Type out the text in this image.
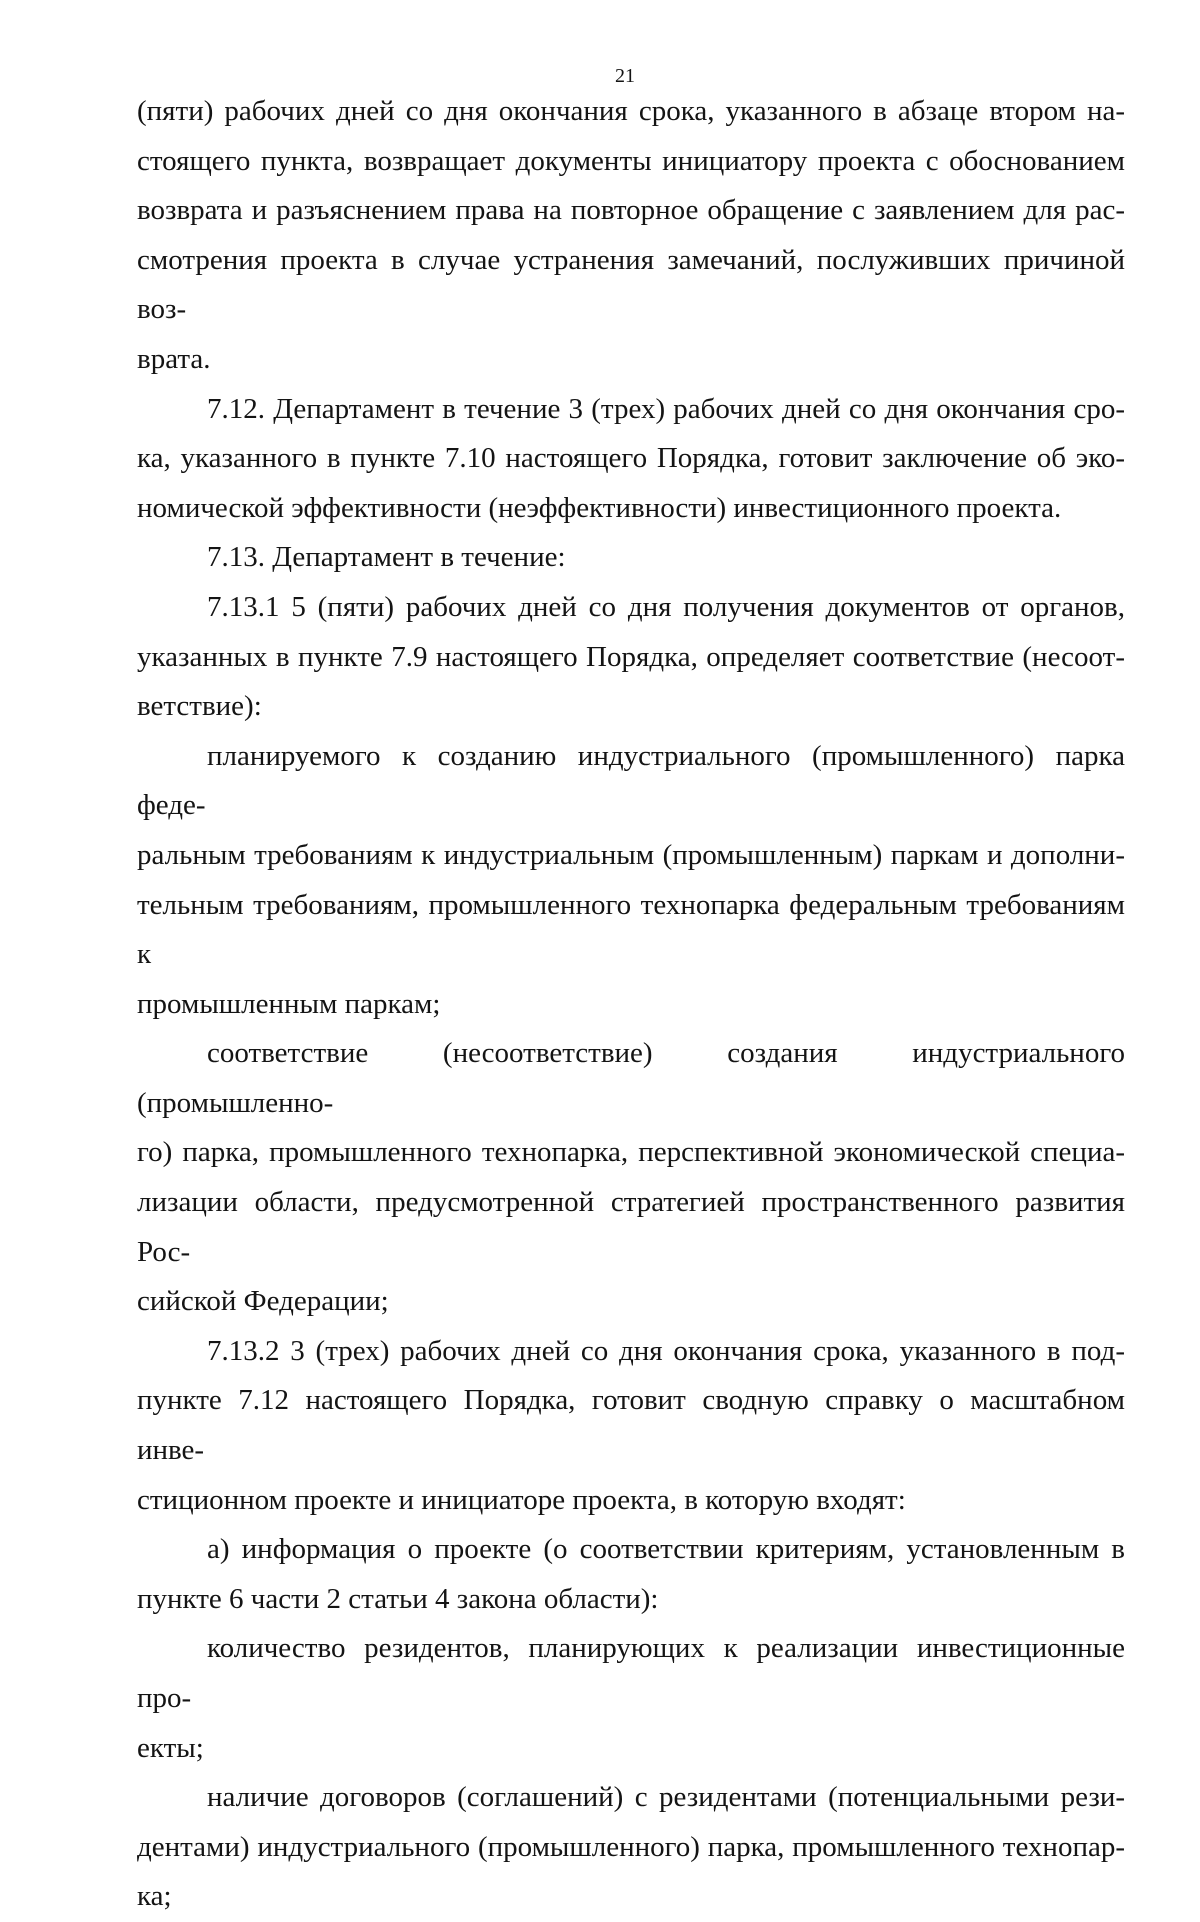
21
(пяти) рабочих дней со дня окончания срока, указанного в абзаце втором на-
стоящего пункта, возвращает документы инициатору проекта с обоснованием
возврата и разъяснением права на повторное обращение с заявлением для рас-
смотрения проекта в случае устранения замечаний, послуживших причиной воз-
врата.
7.12. Департамент в течение 3 (трех) рабочих дней со дня окончания сро-
ка, указанного в пункте 7.10 настоящего Порядка, готовит заключение об эко-
номической эффективности (неэффективности) инвестиционного проекта.
7.13. Департамент в течение:
7.13.1 5 (пяти) рабочих дней со дня получения документов от органов,
указанных в пункте 7.9 настоящего Порядка, определяет соответствие (несоот-
ветствие):
планируемого к созданию индустриального (промышленного) парка феде-
ральным требованиям к индустриальным (промышленным) паркам и дополни-
тельным требованиям, промышленного технопарка федеральным требованиям к
промышленным паркам;
соответствие (несоответствие) создания индустриального (промышленно-
го) парка, промышленного технопарка, перспективной экономической специа-
лизации области, предусмотренной стратегией пространственного развития Рос-
сийской Федерации;
7.13.2 3 (трех) рабочих дней со дня окончания срока, указанного в под-
пункте 7.12 настоящего Порядка, готовит сводную справку о масштабном инве-
стиционном проекте и инициаторе проекта, в которую входят:
а) информация о проекте (о соответствии критериям, установленным в
пункте 6 части 2 статьи 4 закона области):
количество резидентов, планирующих к реализации инвестиционные про-
екты;
наличие договоров (соглашений) с резидентами (потенциальными рези-
дентами) индустриального (промышленного) парка, промышленного технопар-
ка;
